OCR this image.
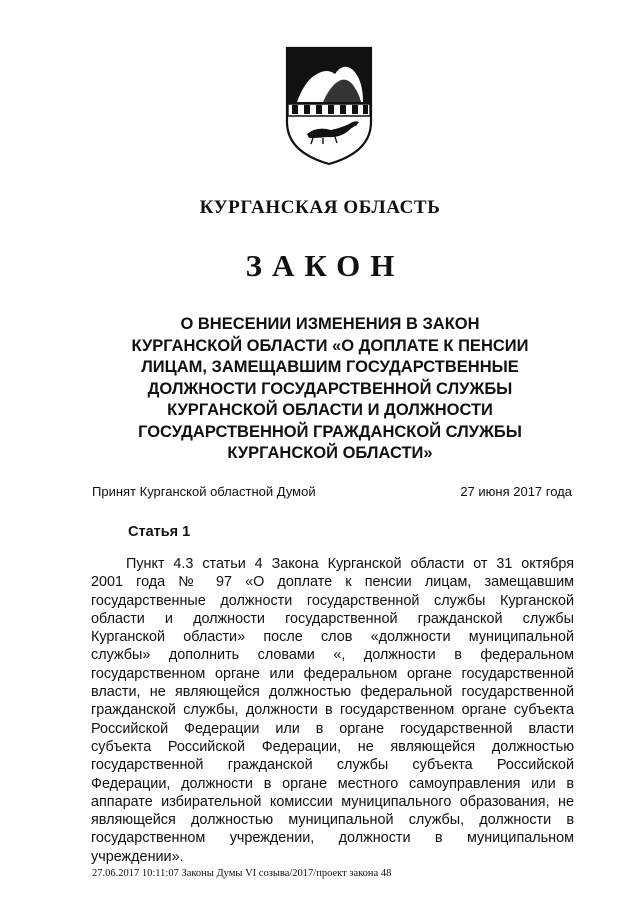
КУРГАНСКАЯ ОБЛАСТЬ
ЗАКОН
О ВНЕСЕНИИ ИЗМЕНЕНИЯ В ЗАКОН
КУРГАНСКОЙ ОБЛАСТИ «О ДОПЛАТЕ К ПЕНСИИ
ЛИЦАМ, ЗАМЕЩАВШИМ ГОСУДАРСТВЕННЫЕ
ДОЛЖНОСТИ ГОСУДАРСТВЕННОЙ СЛУЖБЫ
КУРГАНСКОЙ ОБЛАСТИ И ДОЛЖНОСТИ
ГОСУДАРСТВЕННОЙ ГРАЖДАНСКОЙ СЛУЖБЫ
КУРГАНСКОЙ ОБЛАСТИ»
Принят Курганской областной Думой	27 июня 2017 года
Статья 1
Пункт 4.3 статьи 4 Закона Курганской области от 31 октября
2001 года № 97 «О доплате к пенсии лицам, замещавшим
государственные должности государственной службы Курганской
области и должности государственной гражданской службы
Курганской области» после слов «должности муниципальной
службы» дополнить словами «, должности в федеральном
государственном органе или федеральном органе государственной
власти, не являющейся должностью федеральной государственной
гражданской службы, должности в государственном органе субъекта
Российской Федерации или в органе государственной власти
субъекта Российской Федерации, не являющейся должностью
государственной гражданской службы субъекта Российской
Федерации, должности в органе местного самоуправления или в
аппарате избирательной комиссии муниципального образования, не
являющейся должностью муниципальной службы, должности в
государственном учреждении, должности в муниципальном
учреждении».
27.06.2017 10:11:07 Законы Думы VI созыва/2017/проект закона 48
